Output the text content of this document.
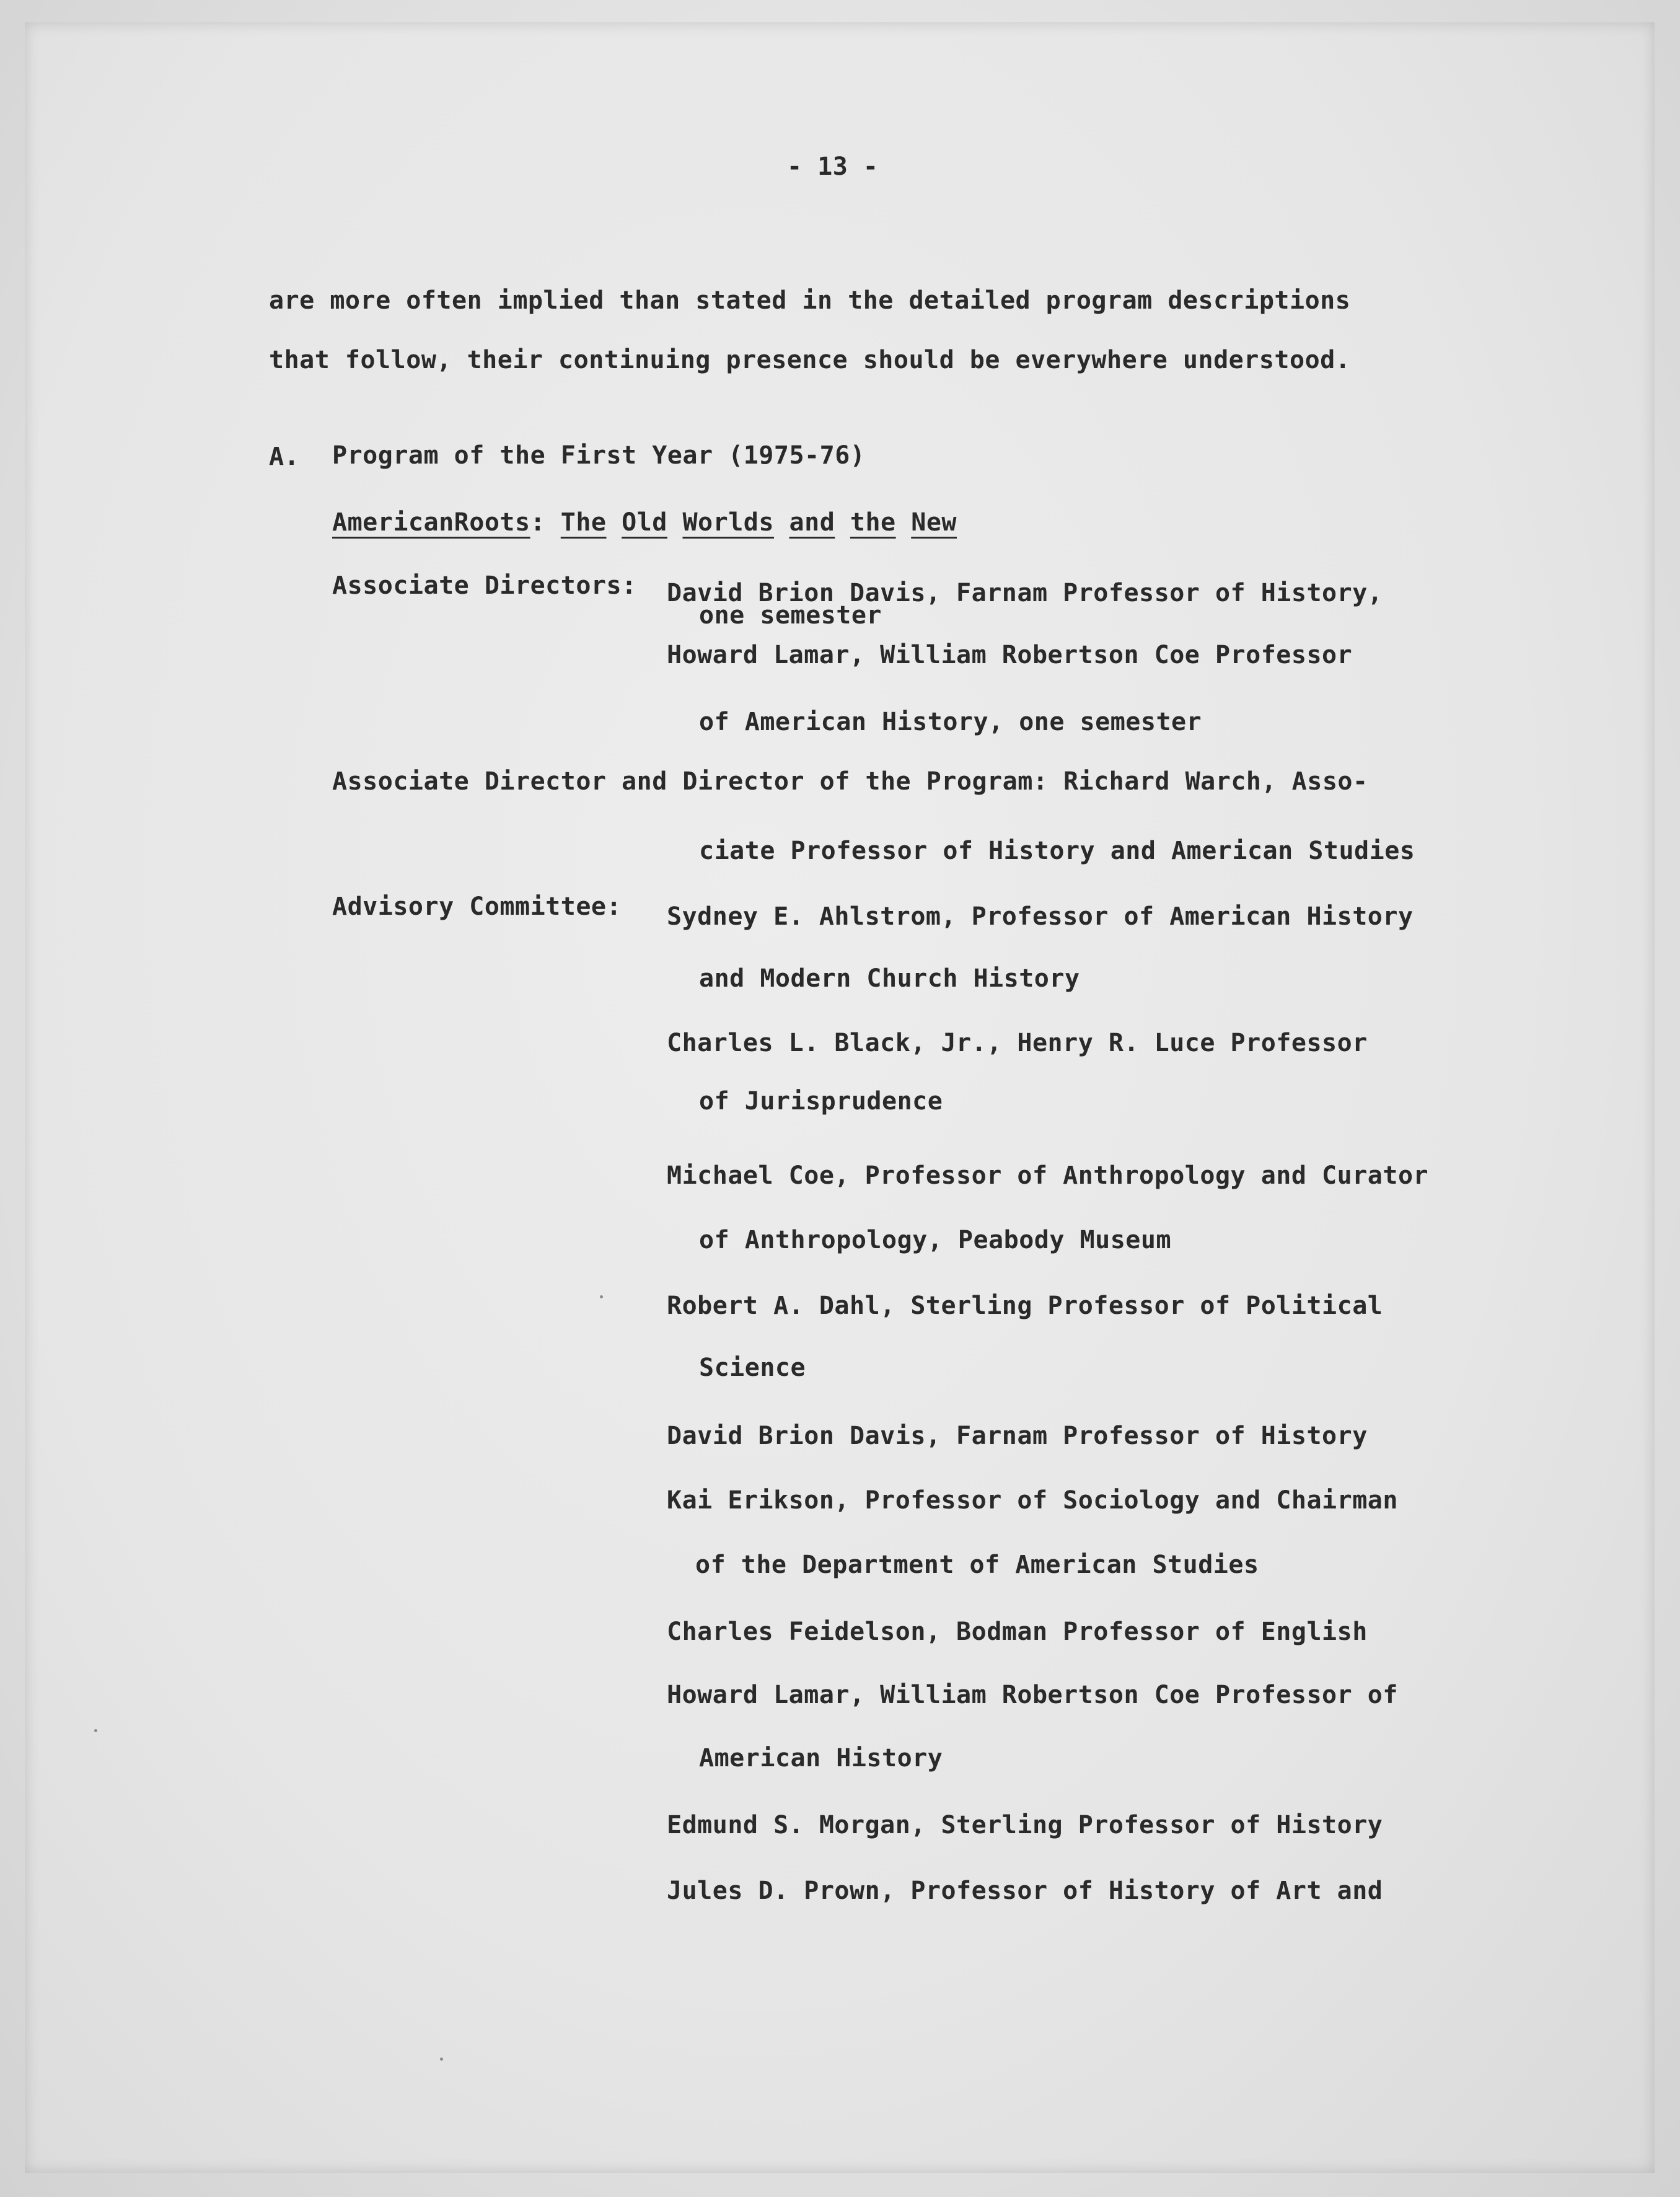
- 13 -

are more often implied than stated in the detailed program descriptions

that follow, their continuing presence should be everywhere understood.

A. Program of the First Year (1975-76)

AmericanRoots: The Old Worlds and the New

Associate Directors: David Brion Davis, Farnam Professor of History,

one semester

Howard Lamar, William Robertson Coe Professor

of American History, one semester

Associate Director and Director of the Program: Richard Warch, Asso-

ciate Professor of History and American Studies

Advisory Committee: Sydney E. Ahlstrom, Professor of American History

and Modern Church History

Charles L. Black, Jr., Henry R. Luce Professor

of Jurisprudence

Michael Coe, Professor of Anthropology and Curator

of Anthropology, Peabody Museum

Robert A. Dahl, Sterling Professor of Political

Science

David Brion Davis, Farnam Professor of History

Kai Erikson, Professor of Sociology and Chairman

of the Department of American Studies

Charles Feidelson, Bodman Professor of English

Howard Lamar, William Robertson Coe Professor of

American History

Edmund S. Morgan, Sterling Professor of History

Jules D. Prown, Professor of History of Art and
